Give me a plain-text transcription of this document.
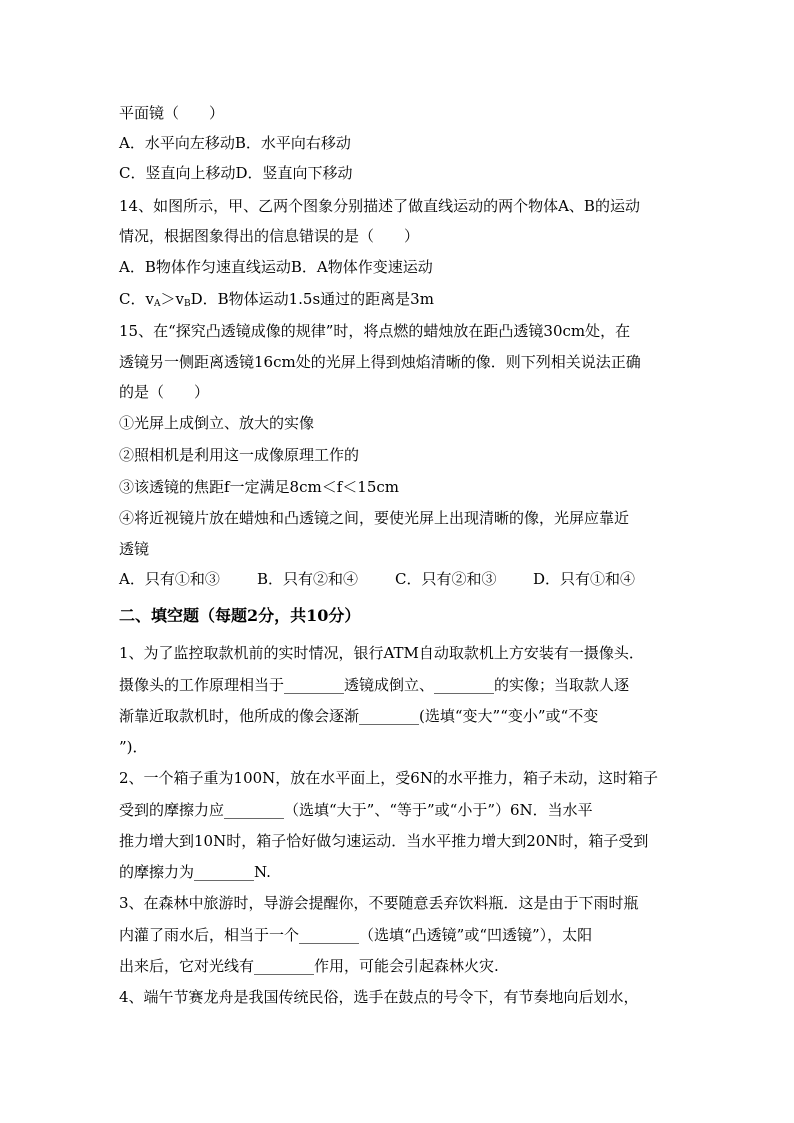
平面镜（　　）
A．水平向左移动B．水平向右移动
C．竖直向上移动D．竖直向下移动
14、如图所示，甲、乙两个图象分别描述了做直线运动的两个物体A、B的运动
情况，根据图象得出的信息错误的是（　　）
A．B物体作匀速直线运动B．A物体作变速运动
C．$v_A>v_BD$．B物体运动1.5s通过的距离是3m
15、在“探究凸透镜成像的规律”时，将点燃的蜡烛放在距凸透镜30cm处，在
透镜另一侧距离透镜16cm处的光屏上得到烛焰清晰的像．则下列相关说法正确
的是（　　）
①光屏上成倒立、放大的实像
②照相机是利用这一成像原理工作的
③该透镜的焦距f一定满足8cm＜f＜15cm
④将近视镜片放在蜡烛和凸透镜之间，要使光屏上出现清晰的像，光屏应靠近
透镜
A．只有①和③ B．只有②和④ C．只有②和③ D．只有①和④
二、填空题（每题2分，共10分）
1、为了监控取款机前的实时情况，银行ATM自动取款机上方安装有一摄像头．
摄像头的工作原理相当于________透镜成倒立、________的实像；当取款人逐
渐靠近取款机时，他所成的像会逐渐________(选填“变大”“变小”或“不变
”)．
2、一个箱子重为100N，放在水平面上，受6N的水平推力，箱子未动，这时箱子
受到的摩擦力应________（选填“大于”、“等于”或“小于”）6N．当水平
推力增大到10N时，箱子恰好做匀速运动．当水平推力增大到20N时，箱子受到
的摩擦力为________N.
3、在森林中旅游时，导游会提醒你，不要随意丢弃饮料瓶．这是由于下雨时瓶
内灌了雨水后，相当于一个________（选填“凸透镜”或“凹透镜”），太阳
出来后，它对光线有________作用，可能会引起森林火灾.
4、端午节赛龙舟是我国传统民俗，选手在鼓点的号令下，有节奏地向后划水，
